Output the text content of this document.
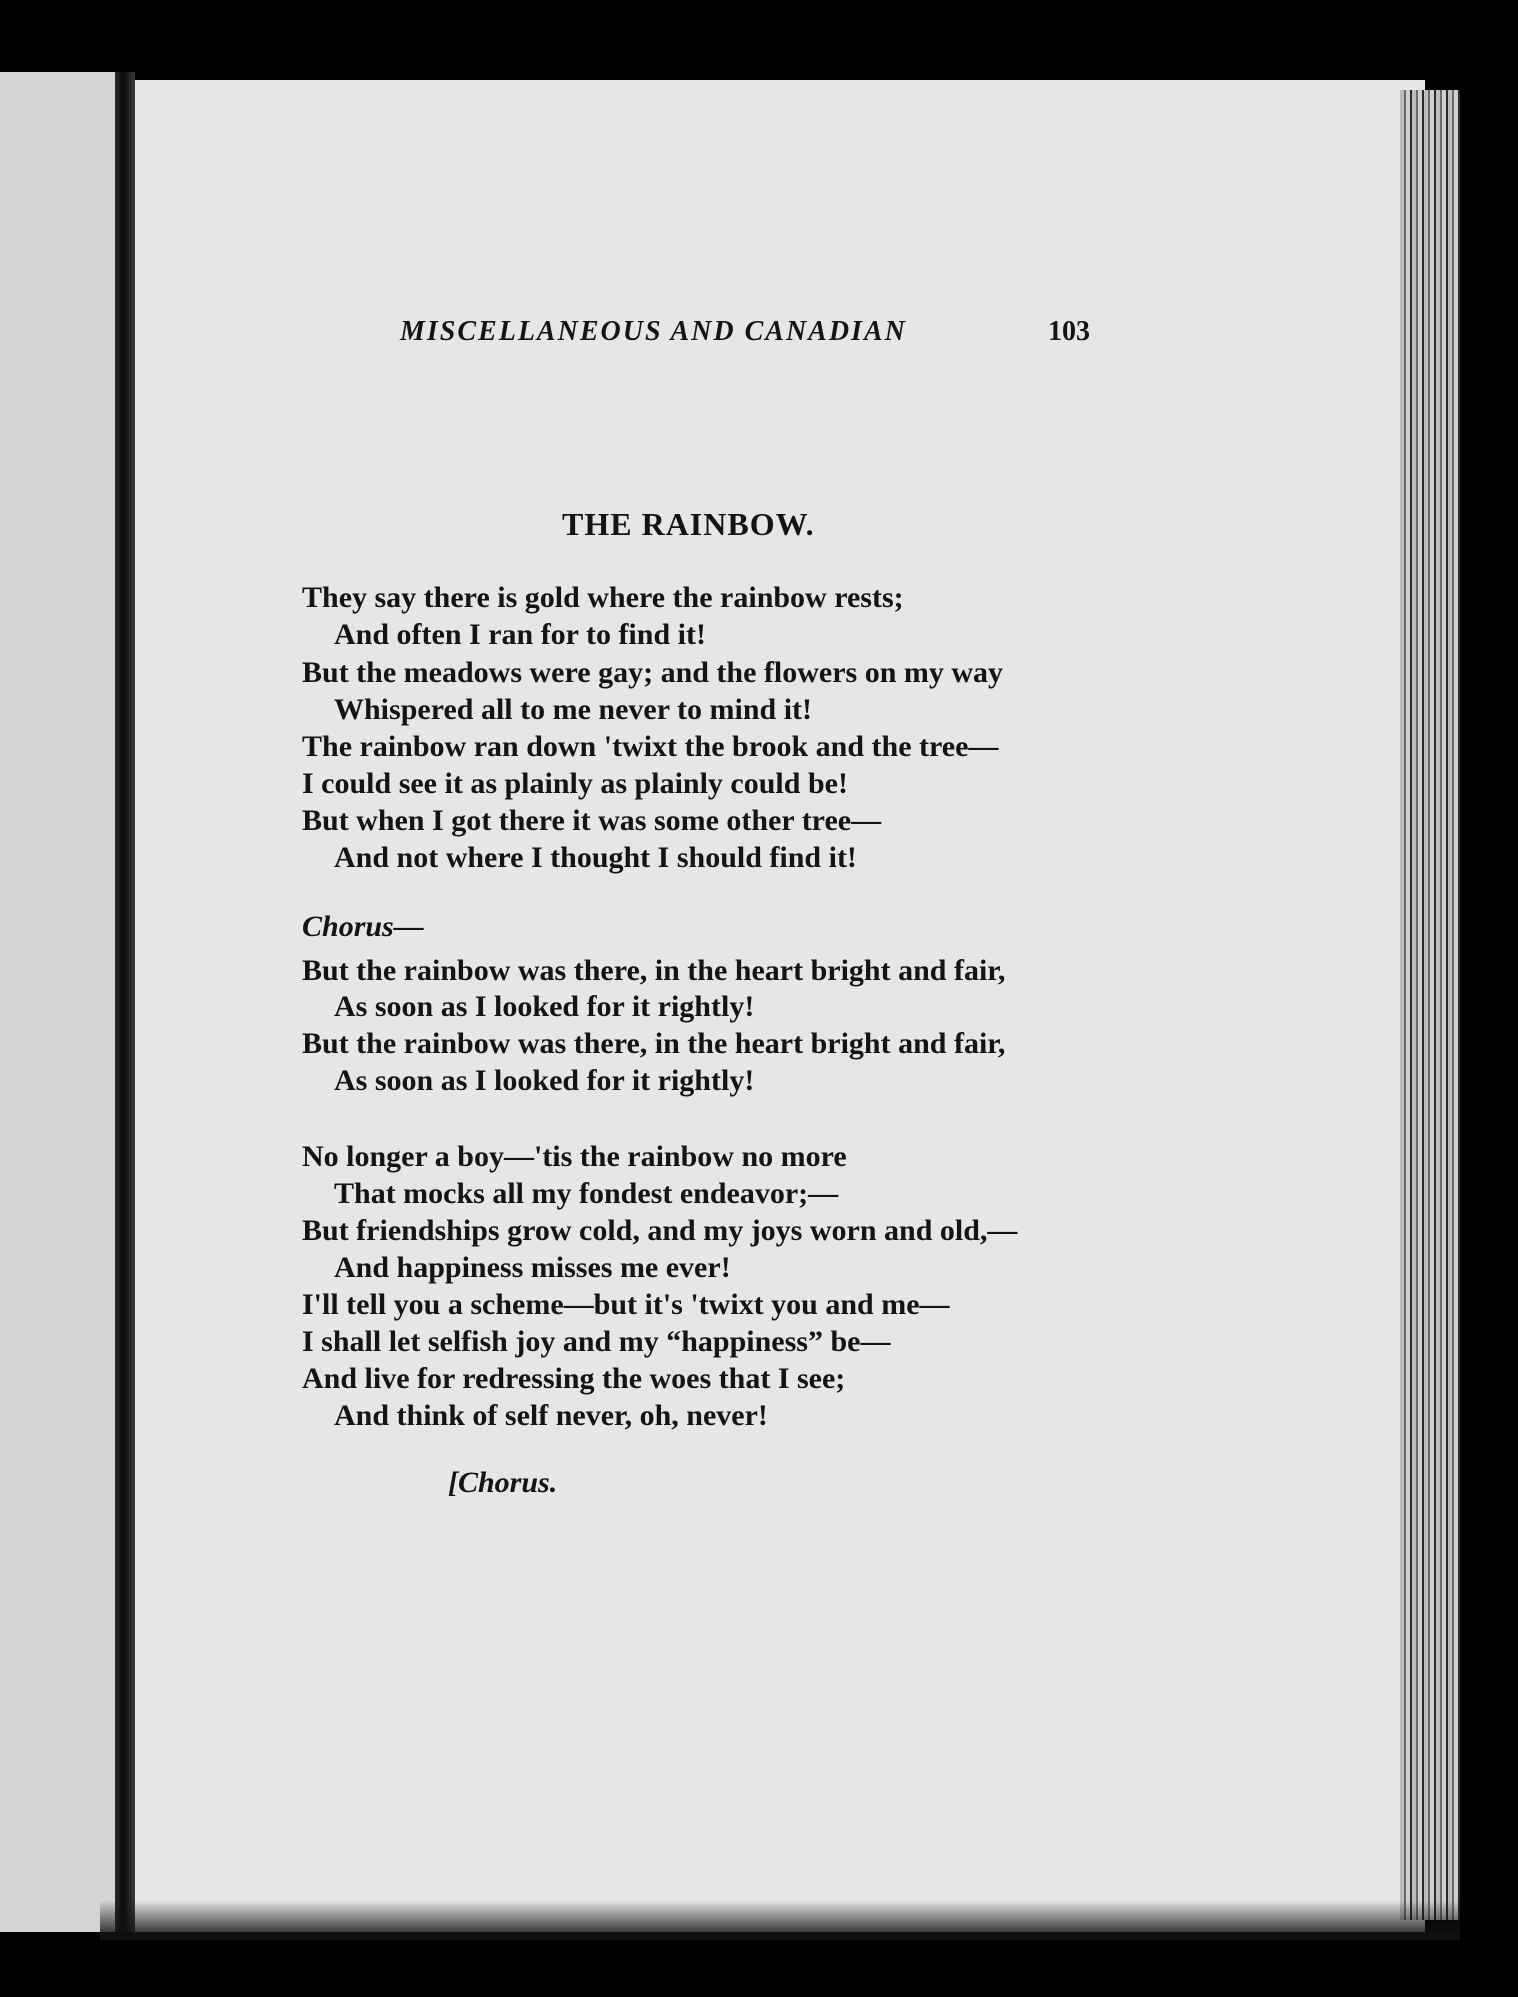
MISCELLANEOUS AND CANADIAN	103
THE RAINBOW.
They say there is gold where the rainbow rests;
And often I ran for to find it!
But the meadows were gay; and the flowers on my way
Whispered all to me never to mind it!
The rainbow ran down 'twixt the brook and the tree—
I could see it as plainly as plainly could be!
But when I got there it was some other tree—
And not where I thought I should find it!
Chorus—
But the rainbow was there, in the heart bright and fair,
As soon as I looked for it rightly!
But the rainbow was there, in the heart bright and fair,
As soon as I looked for it rightly!
No longer a boy—'tis the rainbow no more
That mocks all my fondest endeavor;—
But friendships grow cold, and my joys worn and old,—
And happiness misses me ever!
I'll tell you a scheme—but it's 'twixt you and me—
I shall let selfish joy and my “happiness” be—
And live for redressing the woes that I see;
And think of self never, oh, never!
[Chorus.
